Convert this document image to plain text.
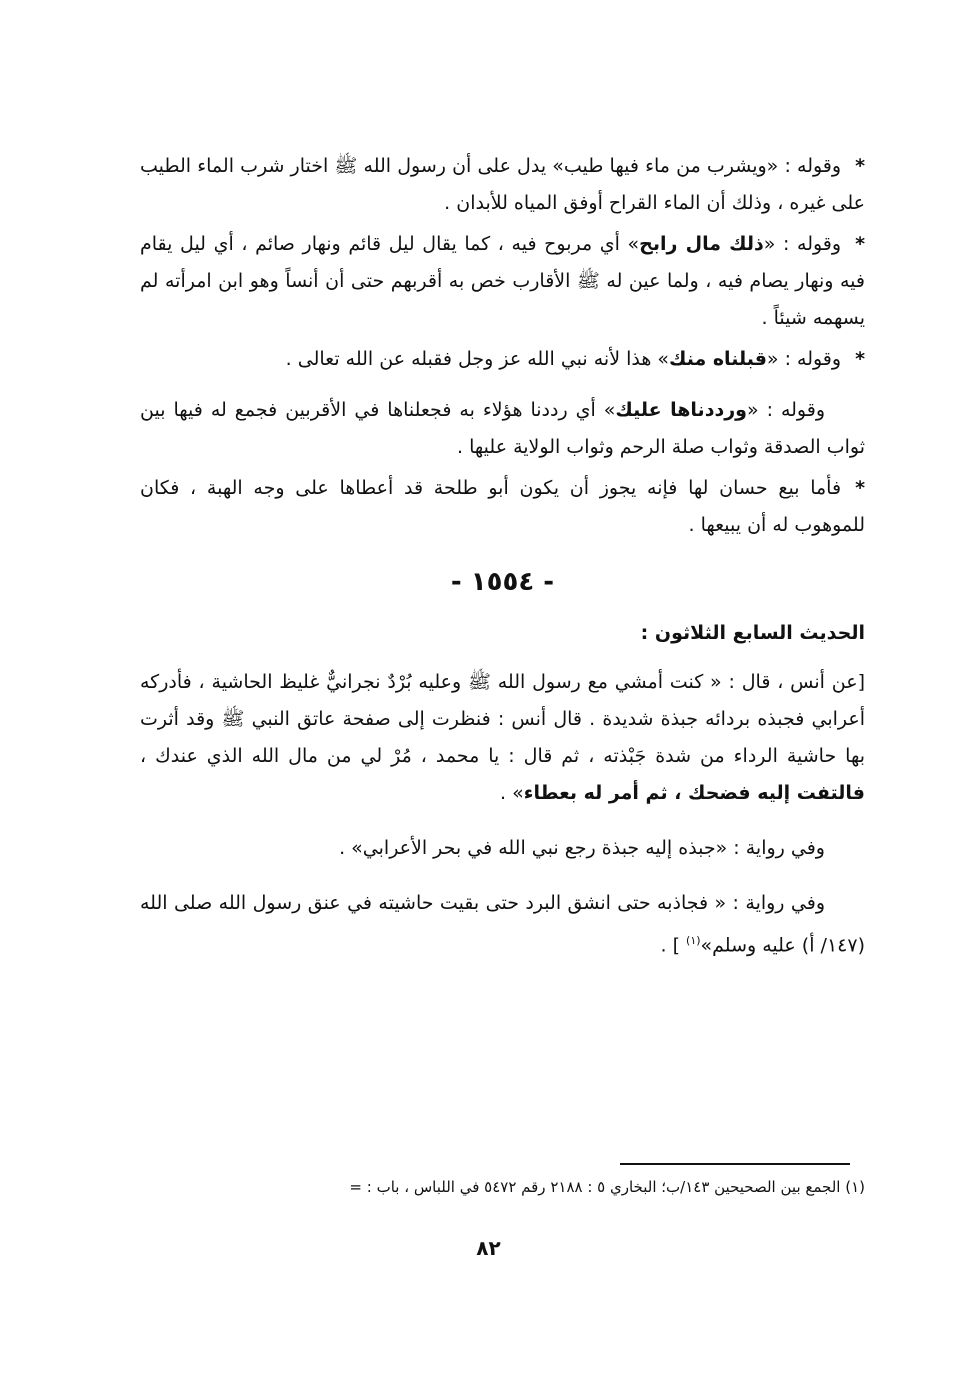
*وقوله : «ويشرب من ماء فيها طيب» يدل على أن رسول الله ﷺ اختار شرب الماء الطيب على غيره ، وذلك أن الماء القراح أوفق المياه للأبدان .

*وقوله : «ذلك مال رابح» أي مربوح فيه ، كما يقال ليل قائم ونهار صائم ، أي ليل يقام فيه ونهار يصام فيه ، ولما عين له ﷺ الأقارب خص به أقربهم حتى أن أنساً وهو ابن امرأته لم يسهمه شيئاً .

*وقوله : «قبلناه منك» هذا لأنه نبي الله عز وجل فقبله عن الله تعالى .

وقوله : «ورددناها عليك» أي رددنا هؤلاء به فجعلناها في الأقربين فجمع له فيها بين ثواب الصدقة وثواب صلة الرحم وثواب الولاية عليها .

*فأما بيع حسان لها فإنه يجوز أن يكون أبو طلحة قد أعطاها على وجه الهبة ، فكان للموهوب له أن يبيعها .

- ١٥٥٤ -
الحديث السابع الثلاثون :

[عن أنس ، قال : « كنت أمشي مع رسول الله ﷺ وعليه بُرْدٌ نجرانيٌّ غليظ الحاشية ، فأدركه أعرابي فجبذه بردائه جبذة شديدة . قال أنس : فنظرت إلى صفحة عاتق النبي ﷺ وقد أثرت بها حاشية الرداء من شدة جَبْذته ، ثم قال : يا محمد ، مُرْ لي من مال الله الذي عندك ، فالتفت إليه فضحك ، ثم أمر له بعطاء» .

وفي رواية : «جبذه إليه جبذة رجع نبي الله في بحر الأعرابي» .

وفي رواية : « فجاذبه حتى انشق البرد حتى بقيت حاشيته في عنق رسول الله صلى الله (١٤٧/ أ) عليه وسلم»$^{(١)}$ ] .

(١) الجمع بين الصحيحين ١٤٣/ب؛ البخاري ٥ : ٢١٨٨ رقم ٥٤٧٢ في اللباس ، باب : =
٨٢
